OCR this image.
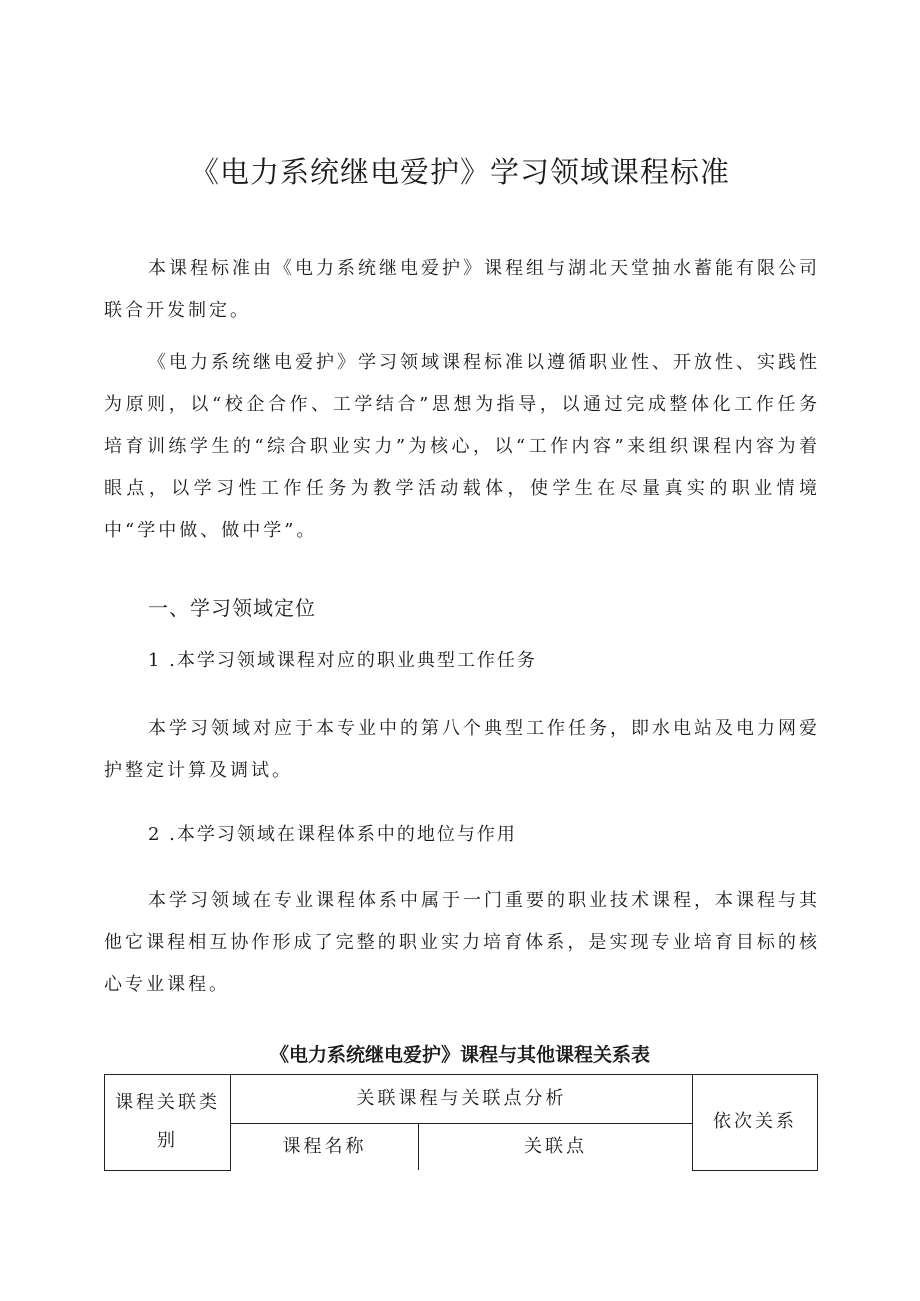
《电力系统继电爱护》学习领域课程标准

本课程标准由《电力系统继电爱护》课程组与湖北天堂抽水蓄能有限公司联合开发制定。

《电力系统继电爱护》学习领域课程标准以遵循职业性、开放性、实践性为原则，以“校企合作、工学结合”思想为指导，以通过完成整体化工作任务培育训练学生的“综合职业实力”为核心，以“工作内容”来组织课程内容为着眼点，以学习性工作任务为教学活动载体，使学生在尽量真实的职业情境中“学中做、做中学”。

一、学习领域定位
1 .本学习领域课程对应的职业典型工作任务

本学习领域对应于本专业中的第八个典型工作任务，即水电站及电力网爱护整定计算及调试。

2 .本学习领域在课程体系中的地位与作用

本学习领域在专业课程体系中属于一门重要的职业技术课程，本课程与其他它课程相互协作形成了完整的职业实力培育体系，是实现专业培育目标的核心专业课程。

《电力系统继电爱护》课程与其他课程关系表
课程关联类别	关联课程与关联点分析		依次关系
	课程名称	关联点	
